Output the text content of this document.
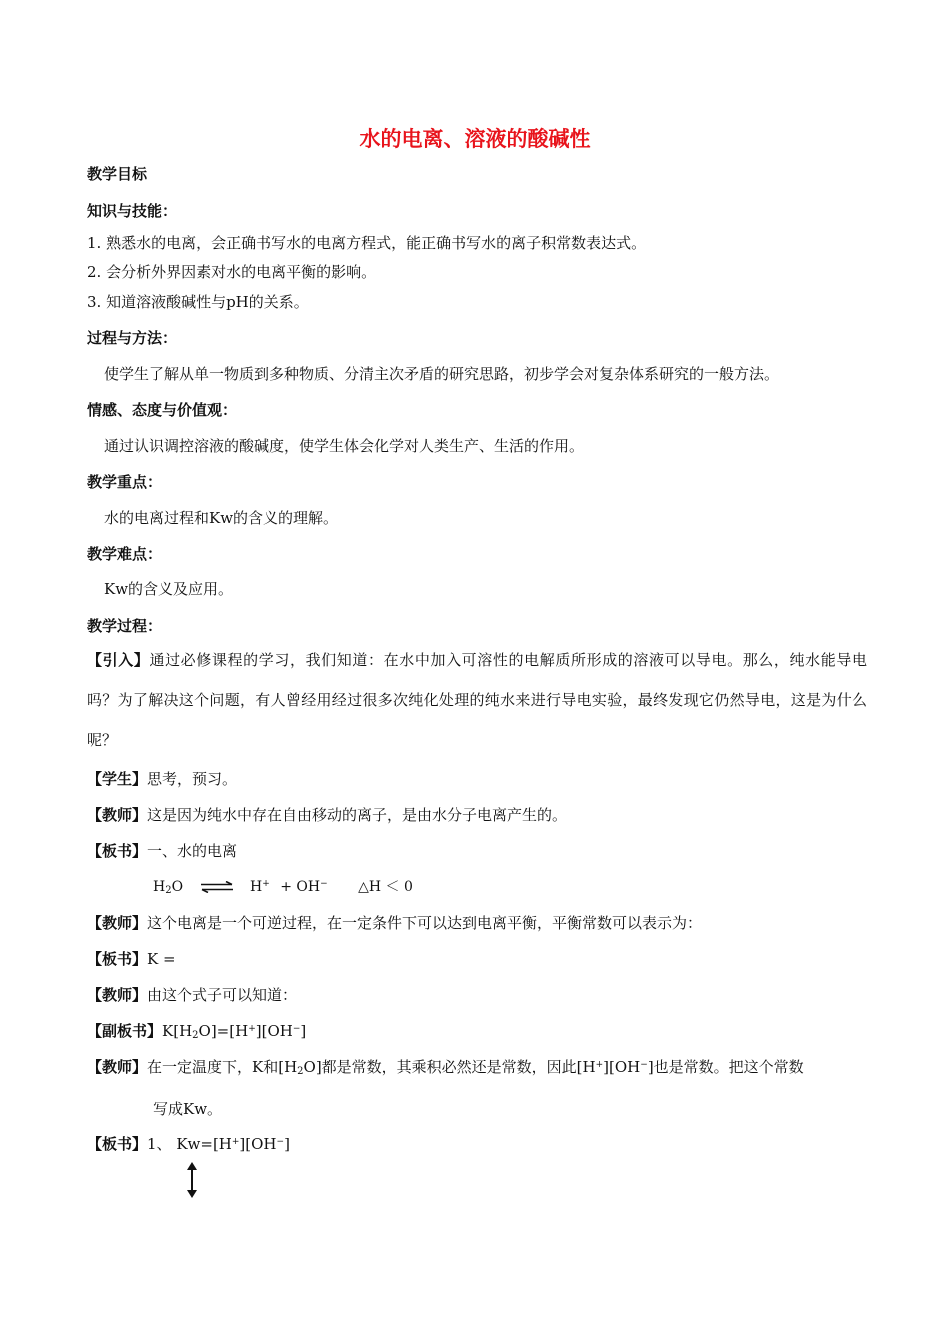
水的电离、溶液的酸碱性
教学目标
知识与技能：
1. 熟悉水的电离，会正确书写水的电离方程式，能正确书写水的离子积常数表达式。
2. 会分析外界因素对水的电离平衡的影响。
3. 知道溶液酸碱性与pH的关系。
过程与方法：
使学生了解从单一物质到多种物质、分清主次矛盾的研究思路，初步学会对复杂体系研究的一般方法。
情感、态度与价值观：
通过认识调控溶液的酸碱度，使学生体会化学对人类生产、生活的作用。
教学重点：
水的电离过程和Kw的含义的理解。
教学难点：
Kw的含义及应用。
教学过程：
【引入】通过必修课程的学习，我们知道：在水中加入可溶性的电解质所形成的溶液可以导电。那么，纯水能导电吗？为了解决这个问题，有人曾经用经过很多次纯化处理的纯水来进行导电实验，最终发现它仍然导电，这是为什么呢？
【学生】思考，预习。
【教师】这是因为纯水中存在自由移动的离子，是由水分子电离产生的。
【板书】一、水的电离
H2O ⇌ H+ + OH− △H ＜ 0
【教师】这个电离是一个可逆过程，在一定条件下可以达到电离平衡，平衡常数可以表示为：
【板书】K =
【教师】由这个式子可以知道：
【副板书】$K[H_2O]=[H^+][OH^-]$
【教师】在一定温度下，K和$[H_2O]$都是常数，其乘积必然还是常数，因此[H+][OH−]也是常数。把这个常数
写成Kw。
【板书】1、 Kw=[H+][OH−]
